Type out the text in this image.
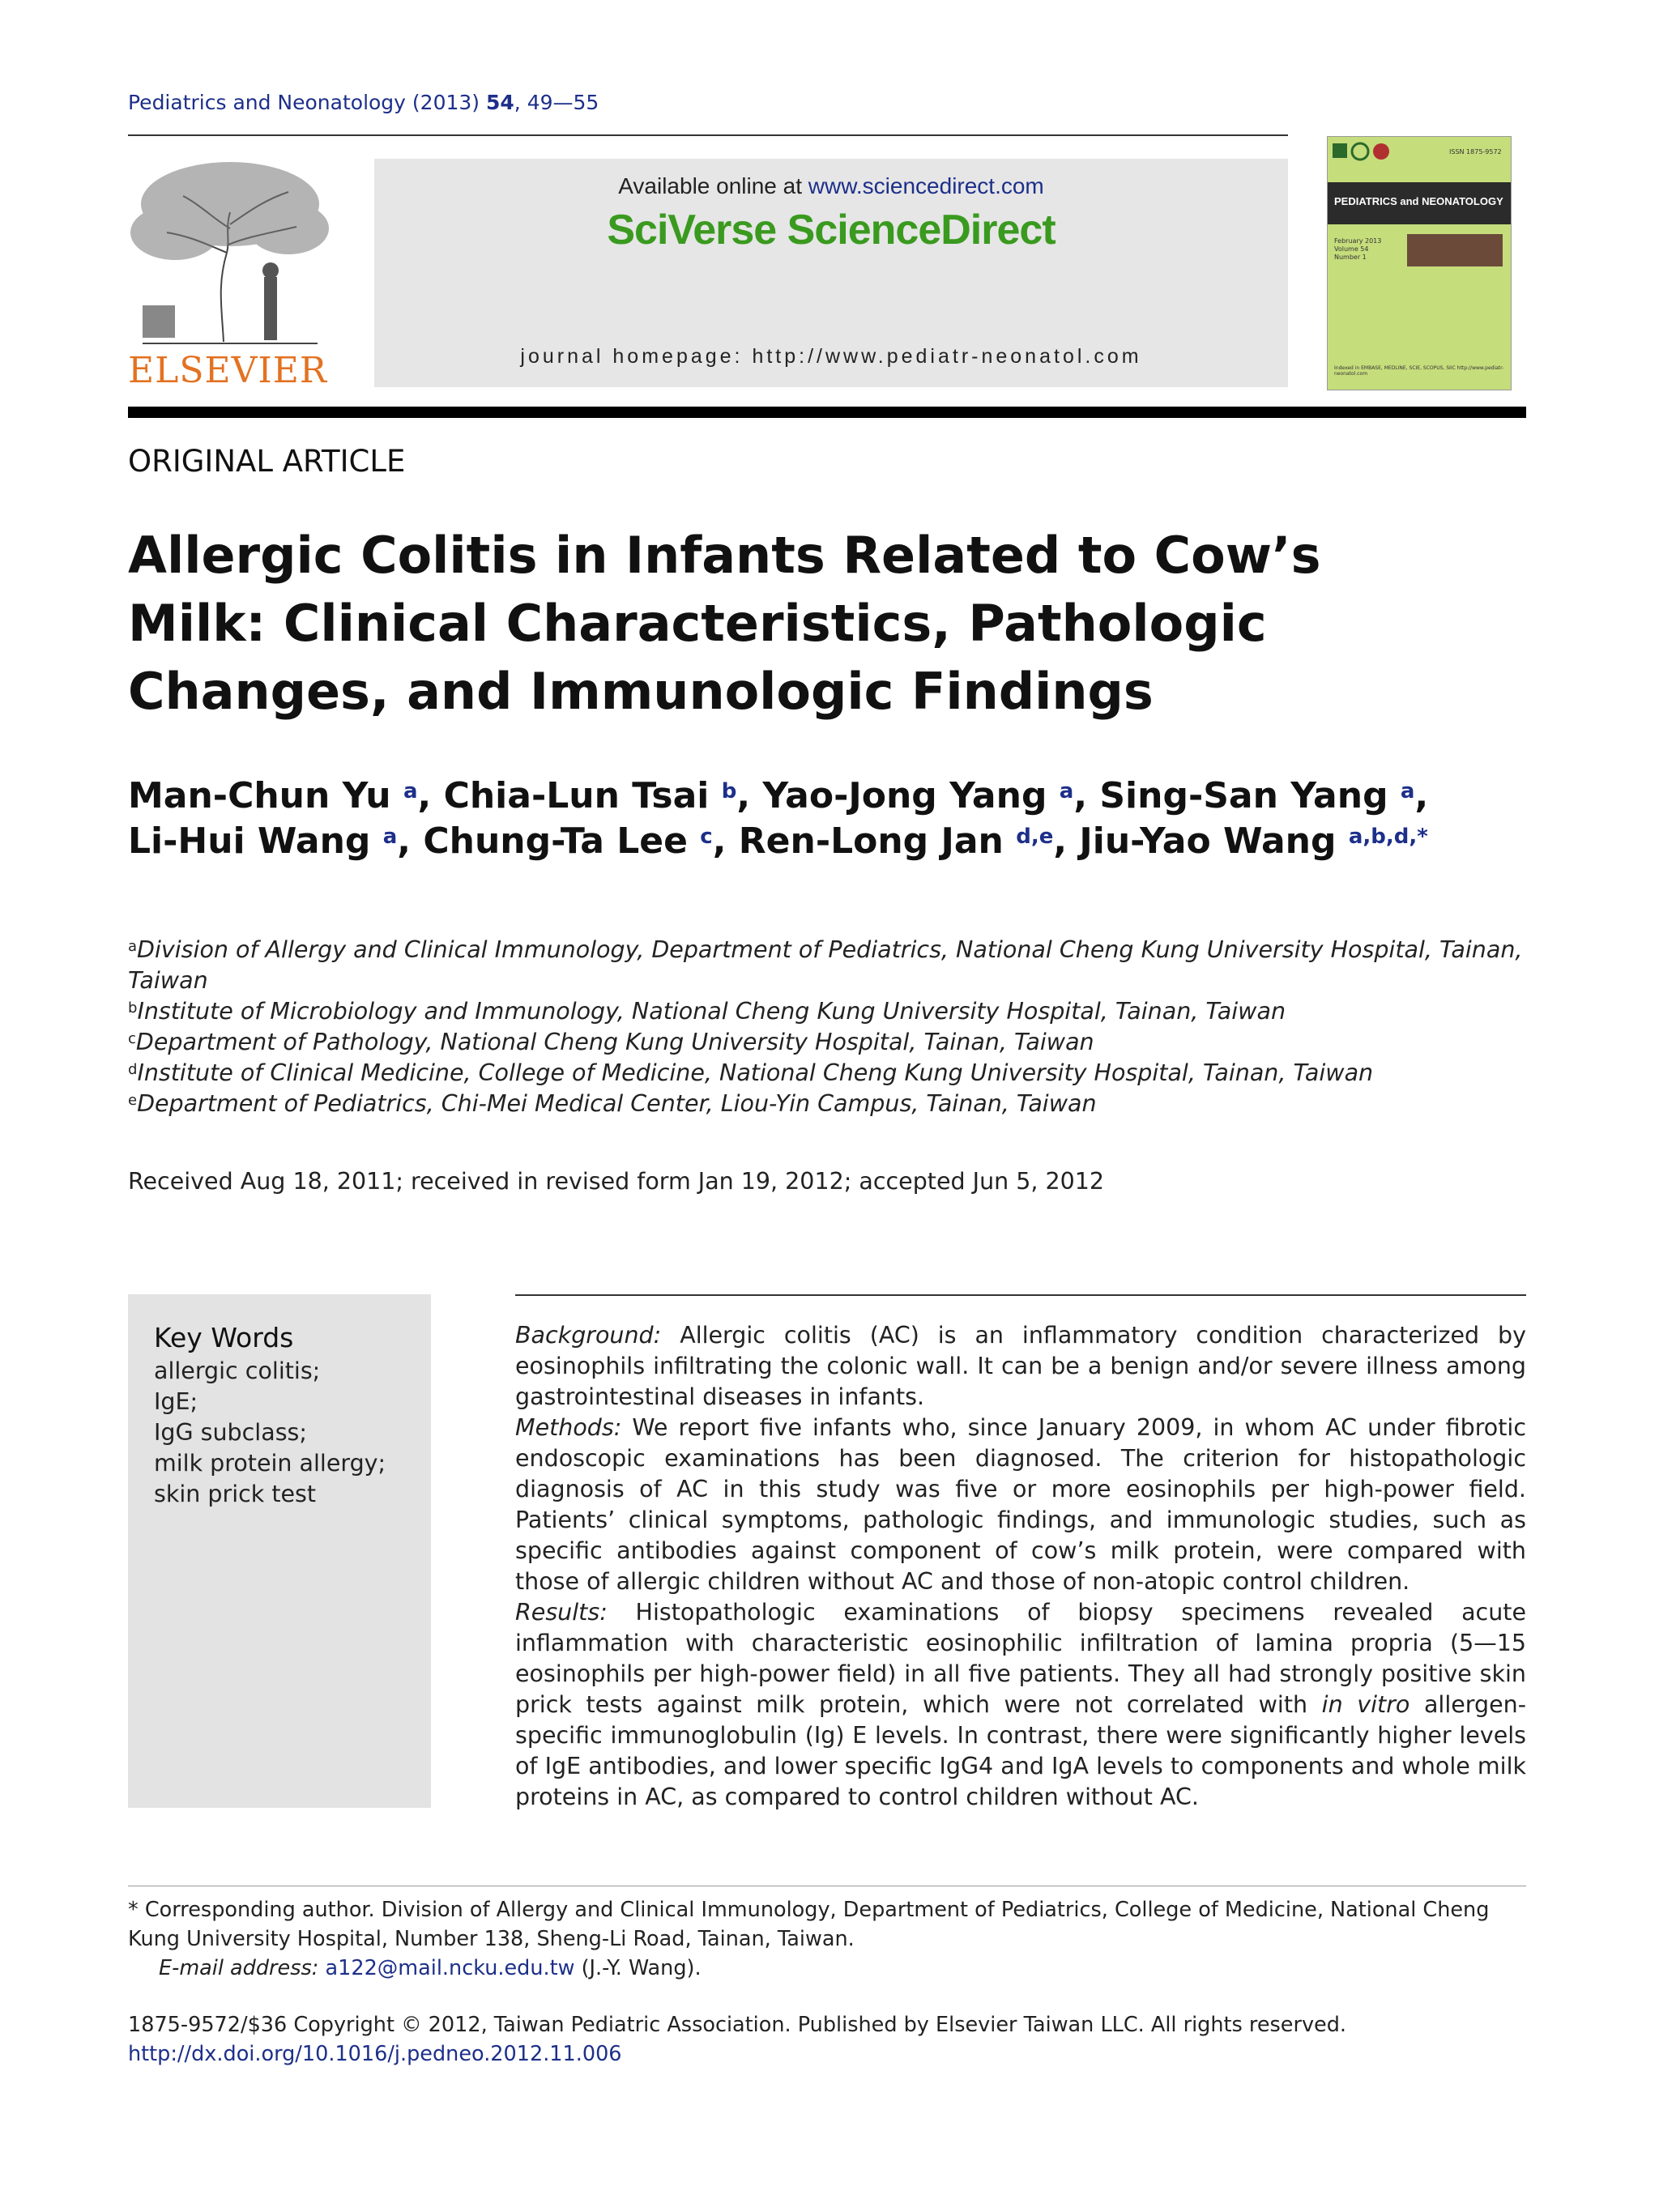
Pediatrics and Neonatology (2013) 54, 49—55
ELSEVIER
Available online at www.sciencedirect.com
SciVerse ScienceDirect
journal homepage: http://www.pediatr-neonatol.com
ISSN 1875-9572
PEDIATRICS and NEONATOLOGY
February 2013
Volume 54
Number 1
Indexed in EMBASE, MEDLINE, SCIE, SCOPUS, SIIC http://www.pediatr-neonatol.com
ORIGINAL ARTICLE
Allergic Colitis in Infants Related to Cow’s Milk: Clinical Characteristics, Pathologic Changes, and Immunologic Findings
Man-Chun Yu $^a$, Chia-Lun Tsai $^b$, Yao-Jong Yang $^a$, Sing-San Yang $^a$,
Li-Hui Wang $^a$, Chung-Ta Lee $^c$, Ren-Long Jan $^{d,e}$, Jiu-Yao Wang $^{a,b,d,*}$
$^a$Division of Allergy and Clinical Immunology, Department of Pediatrics, National Cheng Kung University Hospital, Tainan, Taiwan
$^b$Institute of Microbiology and Immunology, National Cheng Kung University Hospital, Tainan, Taiwan
$^c$Department of Pathology, National Cheng Kung University Hospital, Tainan, Taiwan
$^d$Institute of Clinical Medicine, College of Medicine, National Cheng Kung University Hospital, Tainan, Taiwan
$^e$Department of Pediatrics, Chi-Mei Medical Center, Liou-Yin Campus, Tainan, Taiwan
Received Aug 18, 2011; received in revised form Jan 19, 2012; accepted Jun 5, 2012
Key Words
allergic colitis;
IgE;
IgG subclass;
milk protein allergy;
skin prick test

Background: Allergic colitis (AC) is an inflammatory condition characterized by eosinophils infiltrating the colonic wall. It can be a benign and/or severe illness among gastrointestinal diseases in infants.

Methods: We report five infants who, since January 2009, in whom AC under fibrotic endoscopic examinations has been diagnosed. The criterion for histopathologic diagnosis of AC in this study was five or more eosinophils per high-power field. Patients’ clinical symptoms, pathologic findings, and immunologic studies, such as specific antibodies against component of cow’s milk protein, were compared with those of allergic children without AC and those of non-atopic control children.

Results: Histopathologic examinations of biopsy specimens revealed acute inflammation with characteristic eosinophilic infiltration of lamina propria (5—15 eosinophils per high-power field) in all five patients. They all had strongly positive skin prick tests against milk protein, which were not correlated with in vitro allergen-specific immunoglobulin (Ig) E levels. In contrast, there were significantly higher levels of IgE antibodies, and lower specific IgG4 and IgA levels to components and whole milk proteins in AC, as compared to control children without AC.

* Corresponding author. Division of Allergy and Clinical Immunology, Department of Pediatrics, College of Medicine, National Cheng Kung University Hospital, Number 138, Sheng-Li Road, Tainan, Taiwan.

E-mail address: a122@mail.ncku.edu.tw (J.-Y. Wang).

1875-9572/$36 Copyright © 2012, Taiwan Pediatric Association. Published by Elsevier Taiwan LLC. All rights reserved.

http://dx.doi.org/10.1016/j.pedneo.2012.11.006
